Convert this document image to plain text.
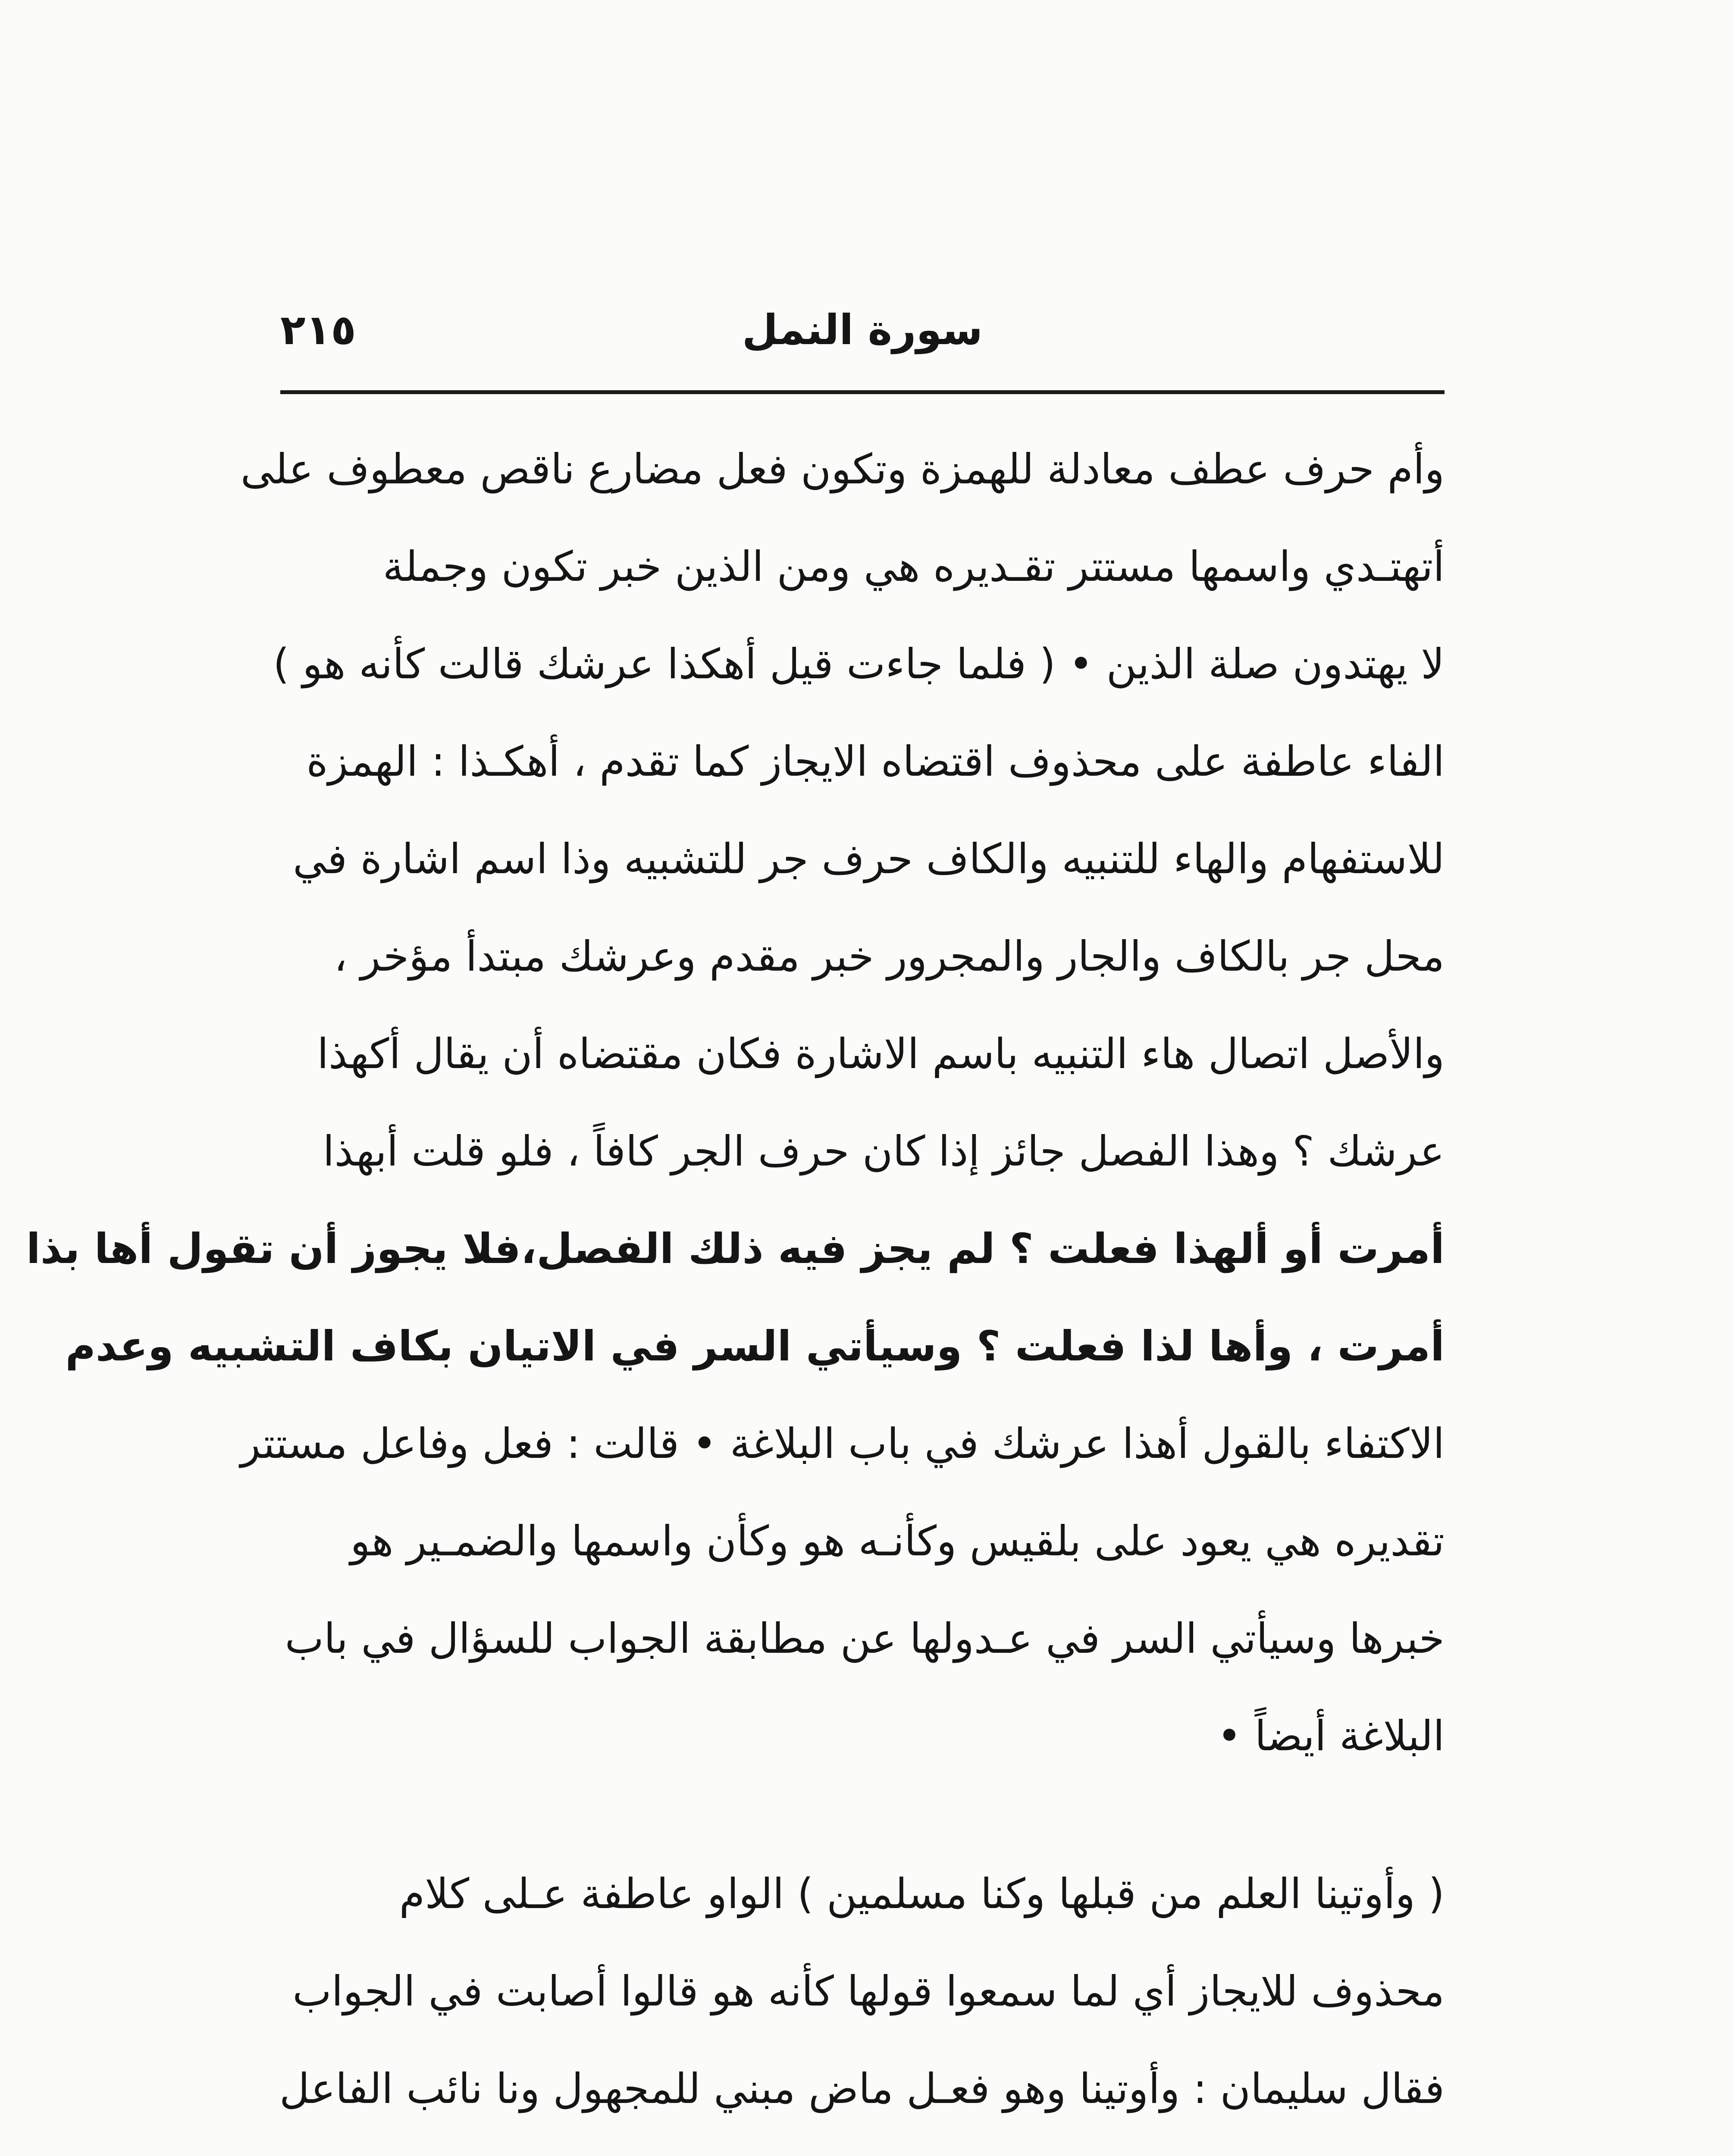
سورة النمل
٢١٥

وأم حرف عطف معادلة للهمزة وتكون فعل مضارع ناقص معطوف على
أتهتـدي واسمها مستتر تقـديره هي ومن الذين خبر تكون وجملة
لا يهتدون صلة الذين • ( فلما جاءت قيل أهكذا عرشك قالت كأنه هو )
الفاء عاطفة على محذوف اقتضاه الايجاز كما تقدم ، أهكـذا : الهمزة
للاستفهام والهاء للتنبيه والكاف حرف جر للتشبيه وذا اسم اشارة في
محل جر بالكاف والجار والمجرور خبر مقدم وعرشك مبتدأ مؤخر ،
والأصل اتصال هاء التنبيه باسم الاشارة فكان مقتضاه أن يقال أكهذا
عرشك ؟ وهذا الفصل جائز إذا كان حرف الجر كافاً ، فلو قلت أبهذا
أمرت أو ألهذا فعلت ؟ لم يجز فيه ذلك الفصل،فلا يجوز أن تقول أها بذا
أمرت ، وأها لذا فعلت ؟ وسيأتي السر في الاتيان بكاف التشبيه وعدم
الاكتفاء بالقول أهذا عرشك في باب البلاغة • قالت : فعل وفاعل مستتر
تقديره هي يعود على بلقيس وكأنـه هو وكأن واسمها والضمـير هو
خبرها وسيأتي السر في عـدولها عن مطابقة الجواب للسؤال في باب
البلاغة أيضاً •

( وأوتينا العلم من قبلها وكنا مسلمين ) الواو عاطفة عـلى كلام
محذوف للايجاز أي لما سمعوا قولها كأنه هو قالوا أصابت في الجواب
فقال سليمان : وأوتينا وهو فعـل ماض مبني للمجهول ونا نائب الفاعل
